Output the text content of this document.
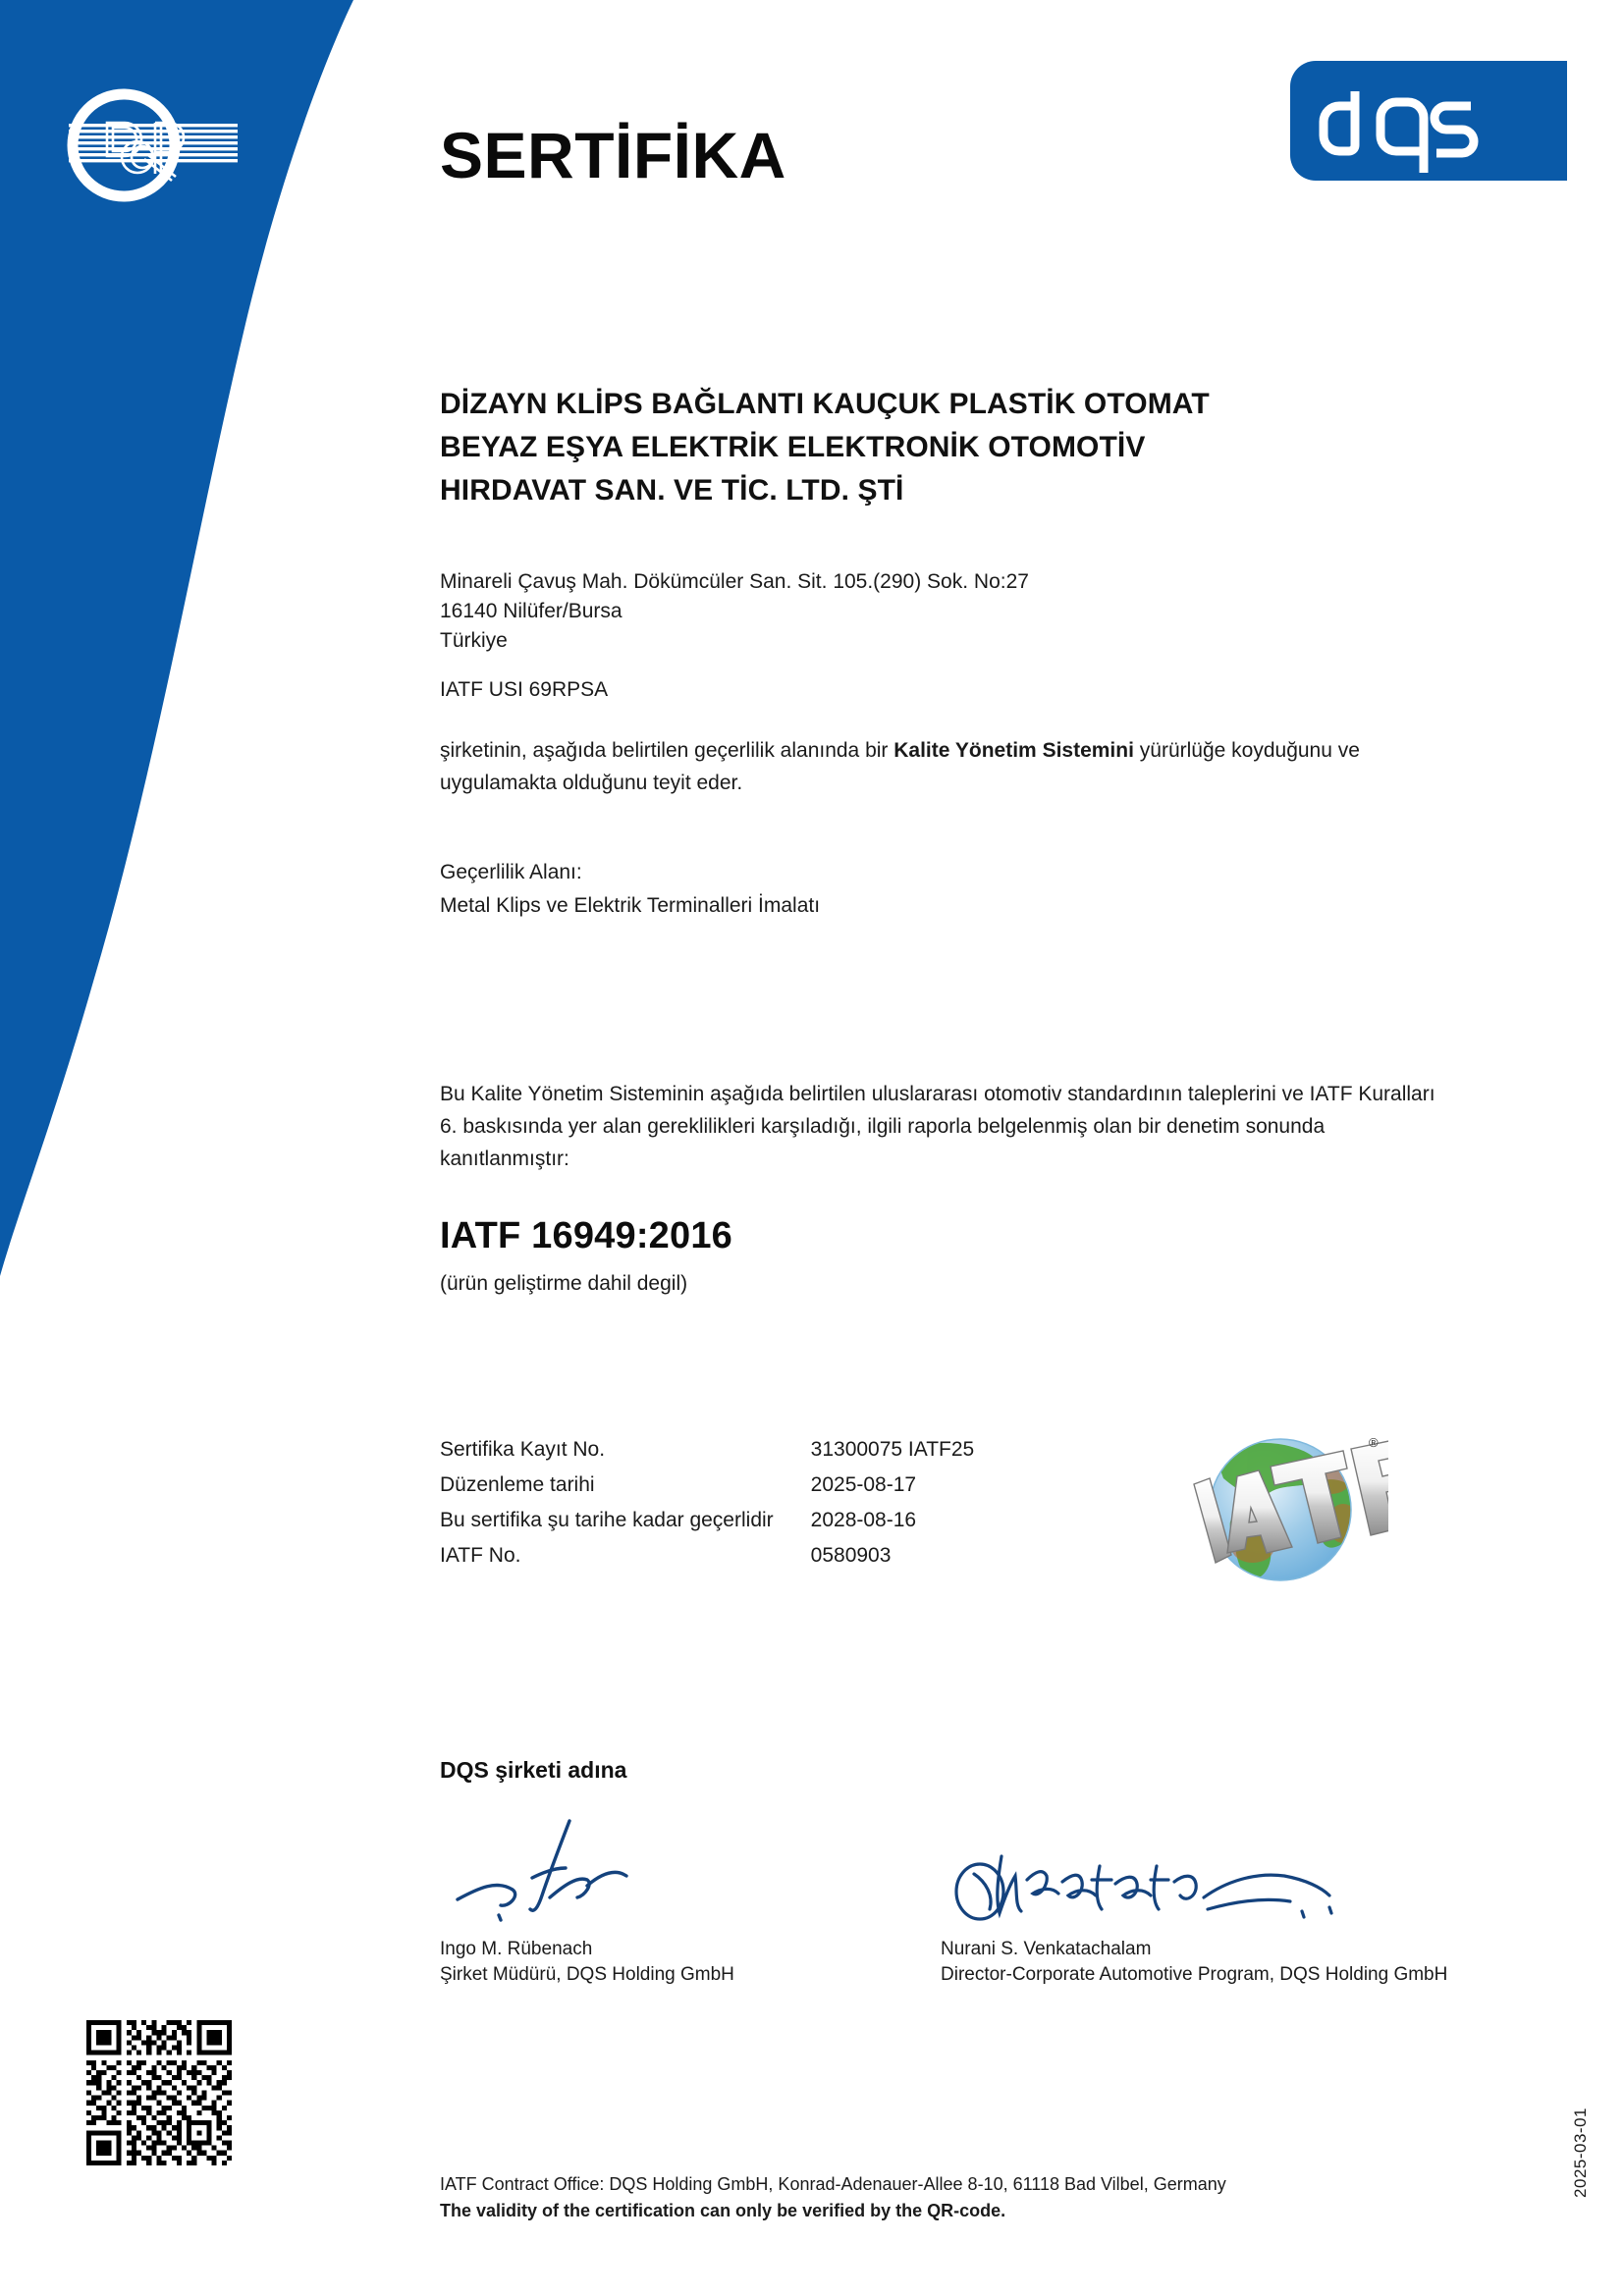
SERTİFİKA
DİZAYN KLİPS BAĞLANTI KAUÇUK PLASTİK OTOMAT
BEYAZ EŞYA ELEKTRİK ELEKTRONİK OTOMOTİV
HIRDAVAT SAN. VE TİC. LTD. ŞTİ
Minareli Çavuş Mah. Dökümcüler San. Sit. 105.(290) Sok. No:27
16140 Nilüfer/Bursa
Türkiye
IATF USI 69RPSA
şirketinin, aşağıda belirtilen geçerlilik alanında bir Kalite Yönetim Sistemini yürürlüğe koyduğunu ve uygulamakta olduğunu teyit eder.
Geçerlilik Alanı:
Metal Klips ve Elektrik Terminalleri İmalatı
Bu Kalite Yönetim Sisteminin aşağıda belirtilen uluslararası otomotiv standardının taleplerini ve IATF Kuralları 6. baskısında yer alan gereklilikleri karşıladığı, ilgili raporla belgelenmiş olan bir denetim sonunda kanıtlanmıştır:
IATF 16949:2016
(ürün geliştirme dahil degil)
Sertifika Kayıt No.	31300075 IATF25
Düzenleme tarihi	2025-08-17
Bu sertifika şu tarihe kadar geçerlidir	2028-08-16
IATF No.	0580903
DQS şirketi adına
Ingo M. Rübenach
Şirket Müdürü, DQS Holding GmbH
Nurani S. Venkatachalam
Director-Corporate Automotive Program, DQS Holding GmbH
®
IATF Contract Office: DQS Holding GmbH, Konrad-Adenauer-Allee 8-10, 61118 Bad Vilbel, Germany
The validity of the certification can only be verified by the QR-code.
2025-03-01
